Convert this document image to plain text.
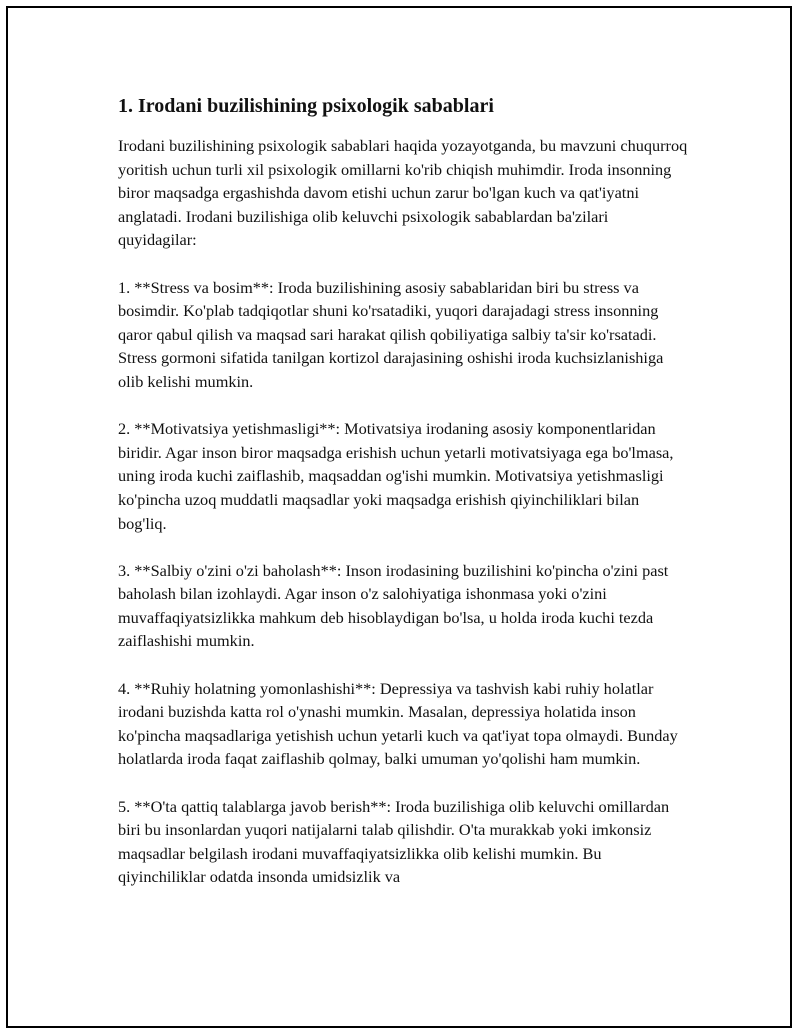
1. Irodani buzilishining psixologik sabablari

Irodani buzilishining psixologik sabablari haqida yozayotganda, bu mavzuni chuqurroq yoritish uchun turli xil psixologik omillarni ko'rib chiqish muhimdir. Iroda insonning biror maqsadga ergashishda davom etishi uchun zarur bo'lgan kuch va qat'iyatni anglatadi. Irodani buzilishiga olib keluvchi psixologik sabablardan ba'zilari quyidagilar:

1. **Stress va bosim**: Iroda buzilishining asosiy sabablaridan biri bu stress va bosimdir. Ko'plab tadqiqotlar shuni ko'rsatadiki, yuqori darajadagi stress insonning qaror qabul qilish va maqsad sari harakat qilish qobiliyatiga salbiy ta'sir ko'rsatadi. Stress gormoni sifatida tanilgan kortizol darajasining oshishi iroda kuchsizlanishiga olib kelishi mumkin.

2. **Motivatsiya yetishmasligi**: Motivatsiya irodaning asosiy komponentlaridan biridir. Agar inson biror maqsadga erishish uchun yetarli motivatsiyaga ega bo'lmasa, uning iroda kuchi zaiflashib, maqsaddan og'ishi mumkin. Motivatsiya yetishmasligi ko'pincha uzoq muddatli maqsadlar yoki maqsadga erishish qiyinchiliklari bilan bog'liq.

3. **Salbiy o'zini o'zi baholash**: Inson irodasining buzilishini ko'pincha o'zini past baholash bilan izohlaydi. Agar inson o'z salohiyatiga ishonmasa yoki o'zini muvaffaqiyatsizlikka mahkum deb hisoblaydigan bo'lsa, u holda iroda kuchi tezda zaiflashishi mumkin.

4. **Ruhiy holatning yomonlashishi**: Depressiya va tashvish kabi ruhiy holatlar irodani buzishda katta rol o'ynashi mumkin. Masalan, depressiya holatida inson ko'pincha maqsadlariga yetishish uchun yetarli kuch va qat'iyat topa olmaydi. Bunday holatlarda iroda faqat zaiflashib qolmay, balki umuman yo'qolishi ham mumkin.

5. **O'ta qattiq talablarga javob berish**: Iroda buzilishiga olib keluvchi omillardan biri bu insonlardan yuqori natijalarni talab qilishdir. O'ta murakkab yoki imkonsiz maqsadlar belgilash irodani muvaffaqiyatsizlikka olib kelishi mumkin. Bu qiyinchiliklar odatda insonda umidsizlik va
